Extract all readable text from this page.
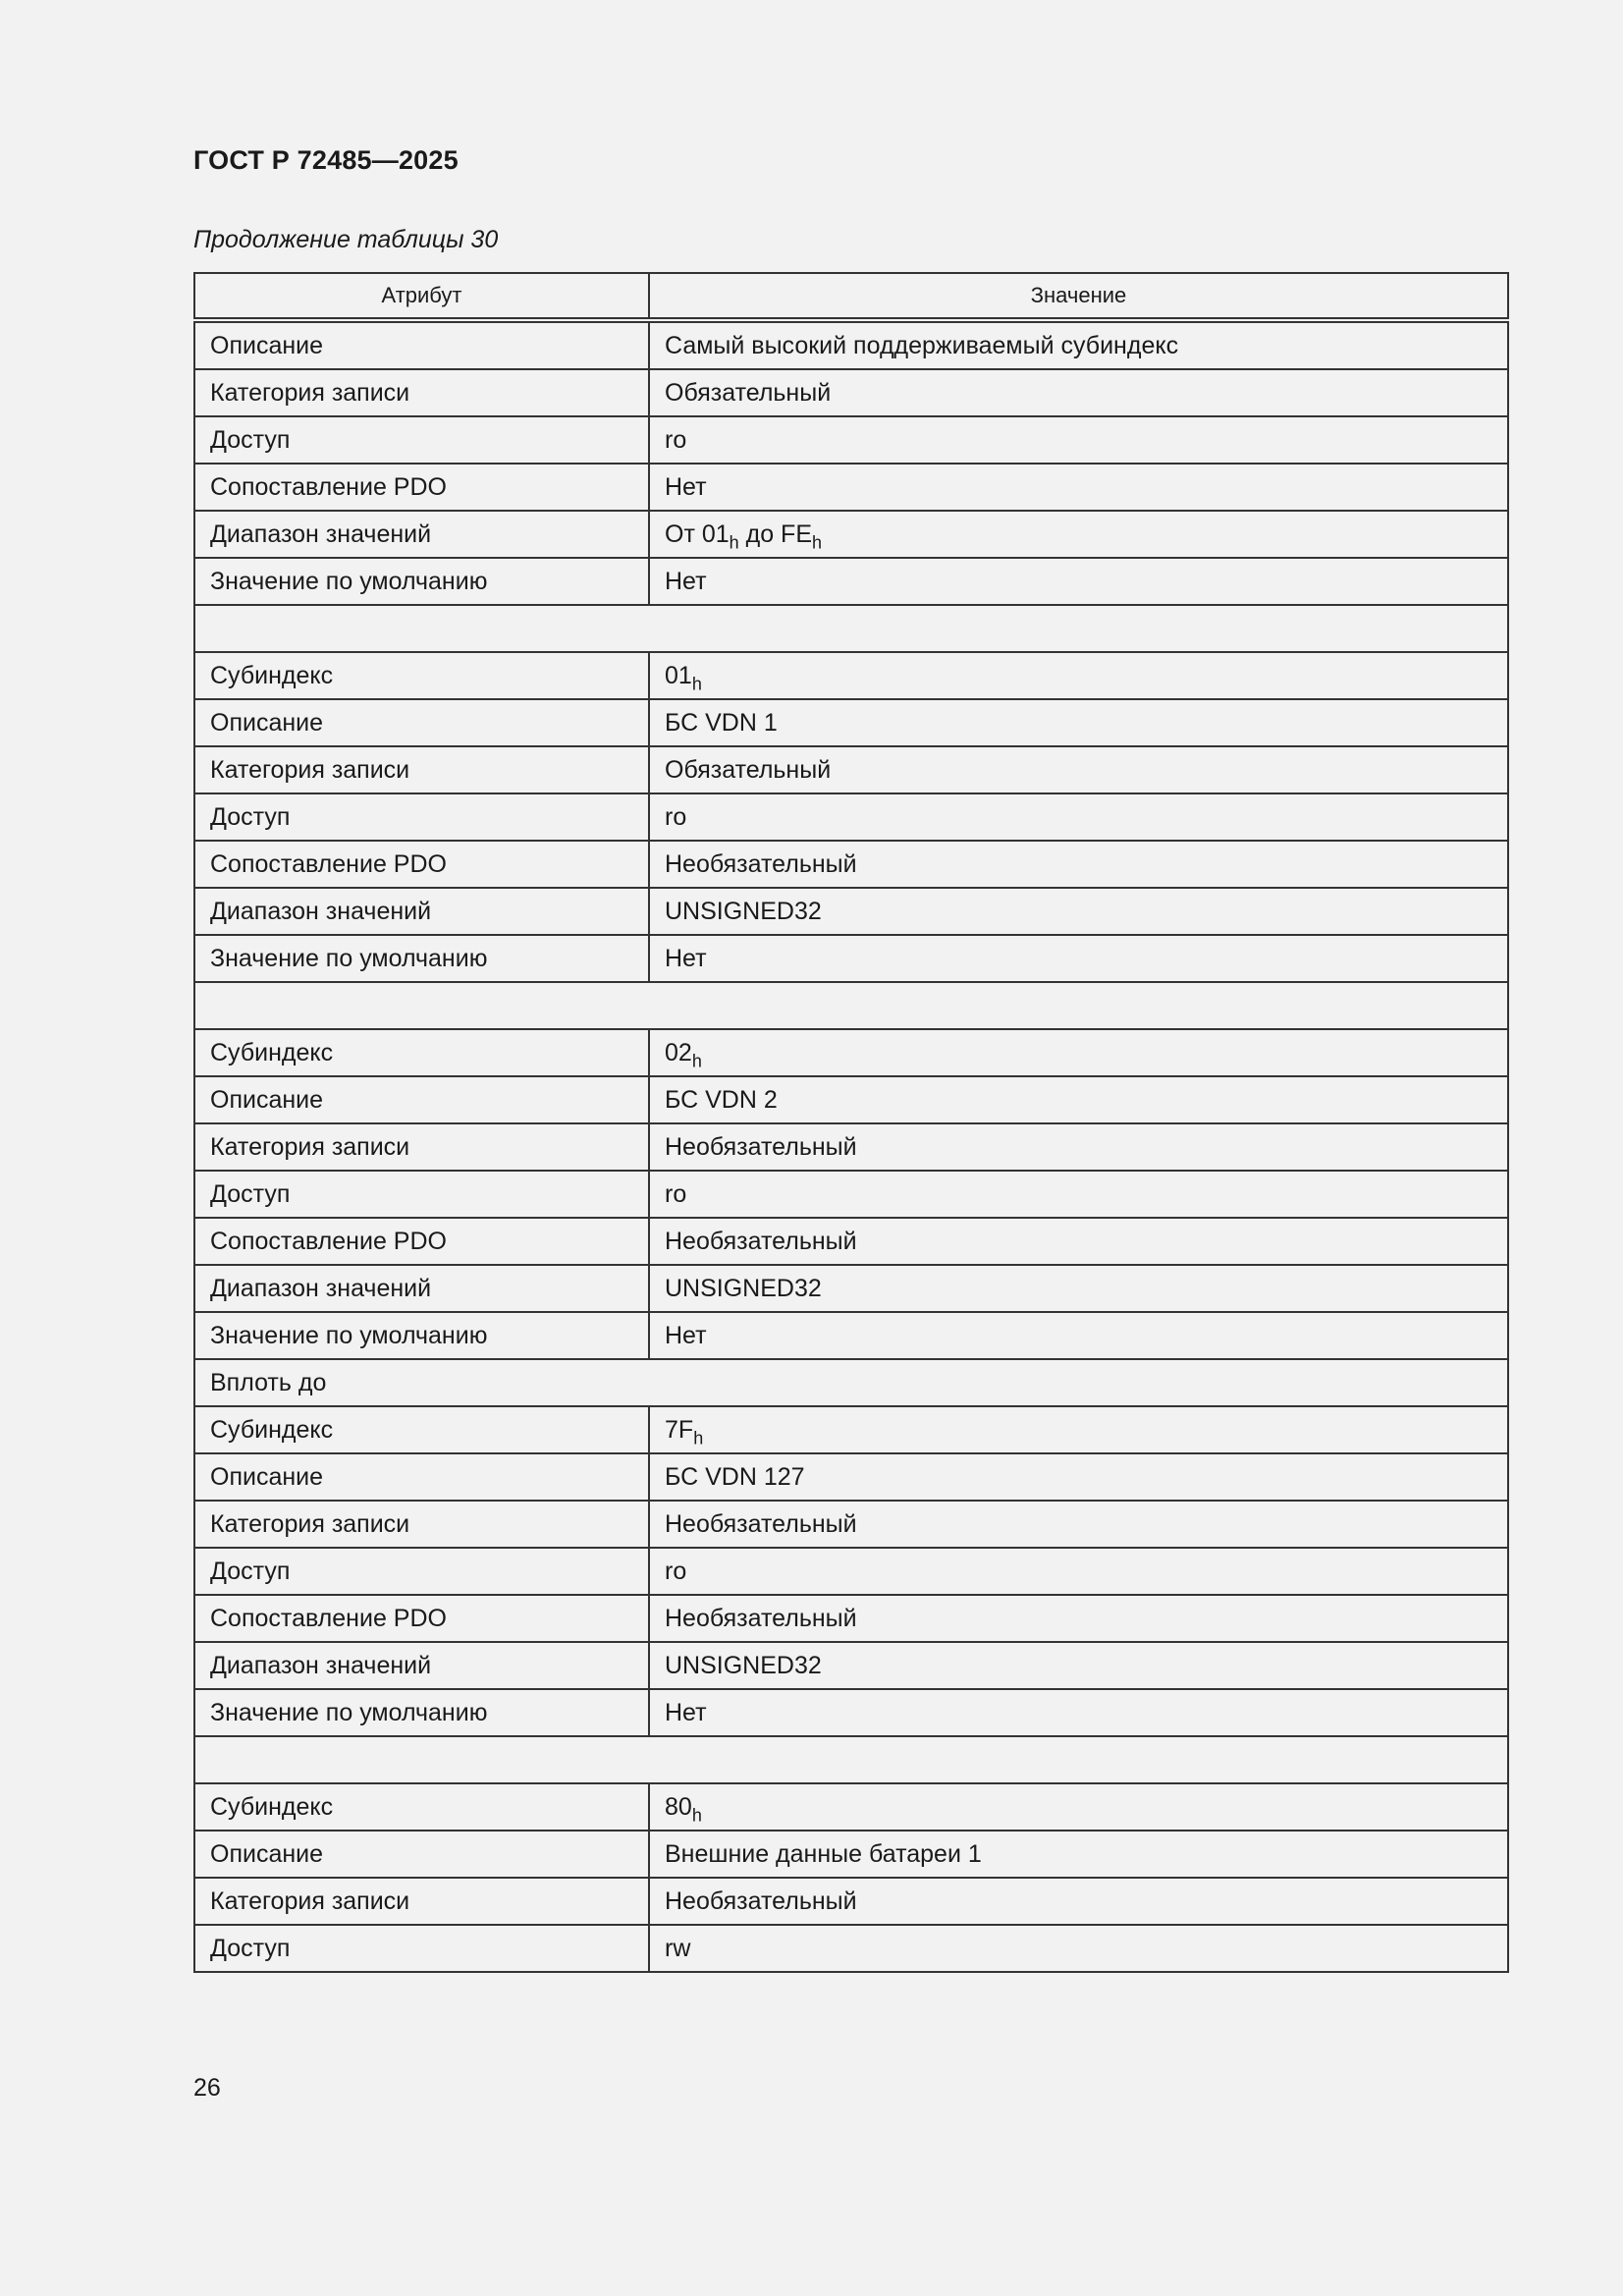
ГОСТ Р 72485—2025
Продолжение таблицы 30
Атрибут	Значение
Описание	Самый высокий поддерживаемый субиндекс
Категория записи	Обязательный
Доступ	ro
Сопоставление PDO	Нет
Диапазон значений	От $01_h$ до $FE_h$
Значение по умолчанию	Нет

Субиндекс	$01_h$
Описание	БС VDN 1
Категория записи	Обязательный
Доступ	ro
Сопоставление PDO	Необязательный
Диапазон значений	UNSIGNED32
Значение по умолчанию	Нет

Субиндекс	$02_h$
Описание	БС VDN 2
Категория записи	Необязательный
Доступ	ro
Сопоставление PDO	Необязательный
Диапазон значений	UNSIGNED32
Значение по умолчанию	Нет
Вплоть до	
Субиндекс	$7F_h$
Описание	БС VDN 127
Категория записи	Необязательный
Доступ	ro
Сопоставление PDO	Необязательный
Диапазон значений	UNSIGNED32
Значение по умолчанию	Нет

Субиндекс	$80_h$
Описание	Внешние данные батареи 1
Категория записи	Необязательный
Доступ	rw
26
